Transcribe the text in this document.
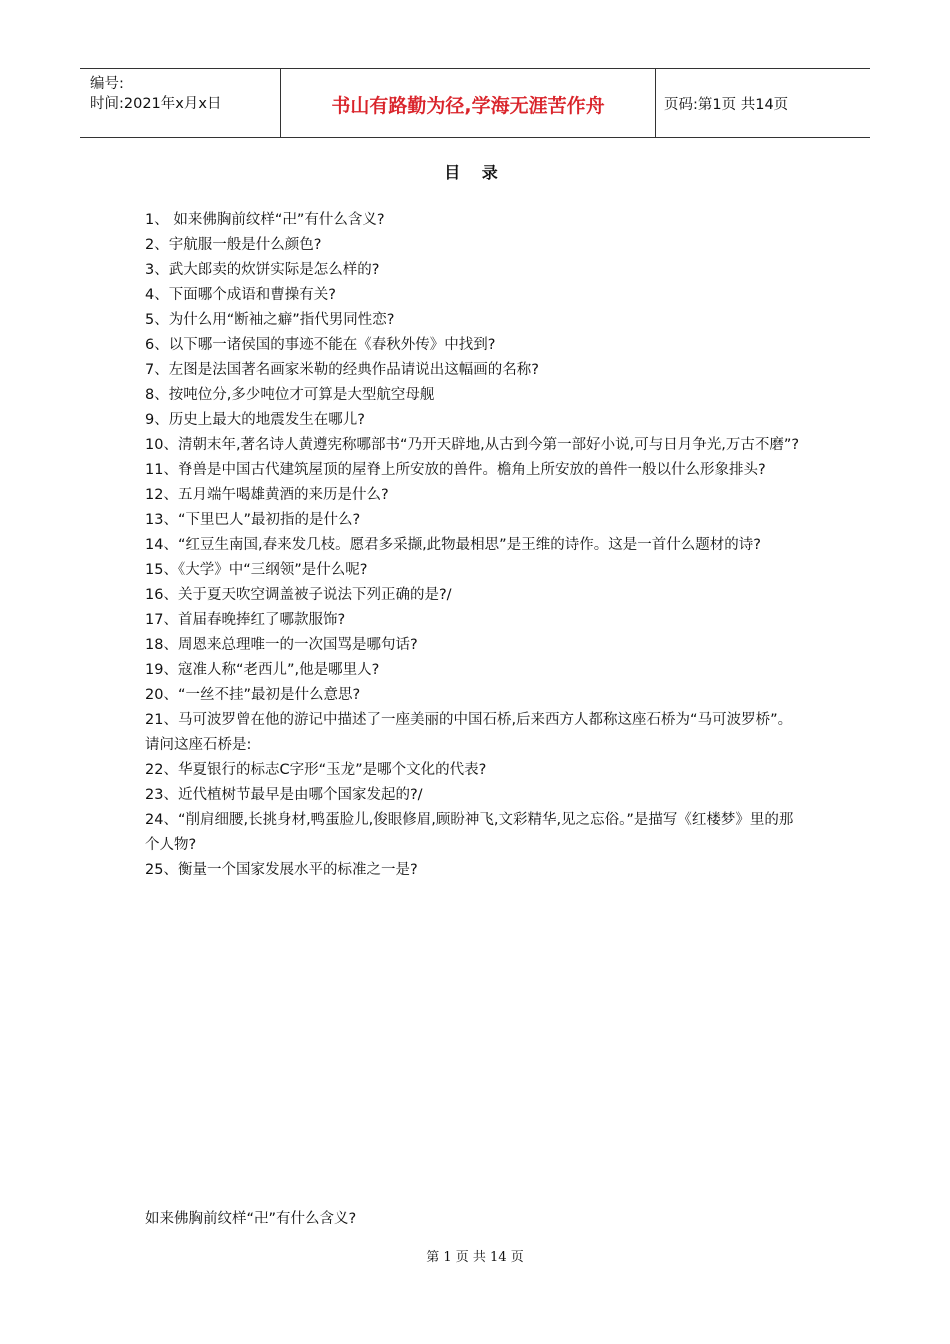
编号:
时间:2021年x月x日	书山有路勤为径,学海无涯苦作舟	页码:第1页 共14页
目 录
1、 如来佛胸前纹样“卍”有什么含义?
2、宇航服一般是什么颜色?
3、武大郎卖的炊饼实际是怎么样的?
4、下面哪个成语和曹操有关?
5、为什么用“断袖之癖”指代男同性恋?
6、以下哪一诸侯国的事迹不能在《春秋外传》中找到?
7、左图是法国著名画家米勒的经典作品请说出这幅画的名称?
8、按吨位分,多少吨位才可算是大型航空母舰
9、历史上最大的地震发生在哪儿?
10、清朝末年,著名诗人黄遵宪称哪部书“乃开天辟地,从古到今第一部好小说,可与日月争光,万古不磨”?
11、脊兽是中国古代建筑屋顶的屋脊上所安放的兽件。檐角上所安放的兽件一般以什么形象排头?
12、五月端午喝雄黄酒的来历是什么?
13、“下里巴人”最初指的是什么?
14、“红豆生南国,春来发几枝。愿君多采撷,此物最相思”是王维的诗作。这是一首什么题材的诗?
15、《大学》中“三纲领”是什么呢?
16、关于夏天吹空调盖被子说法下列正确的是?/
17、首届春晚捧红了哪款服饰?
18、周恩来总理唯一的一次国骂是哪句话?
19、寇准人称“老西儿”,他是哪里人?
20、“一丝不挂”最初是什么意思?
21、马可波罗曾在他的游记中描述了一座美丽的中国石桥,后来西方人都称这座石桥为“马可波罗桥”。请问这座石桥是:
22、华夏银行的标志C字形“玉龙”是哪个文化的代表?
23、近代植树节最早是由哪个国家发起的?/
24、“削肩细腰,长挑身材,鸭蛋脸儿,俊眼修眉,顾盼神飞,文彩精华,见之忘俗。”是描写《红楼梦》里的那个人物?
25、衡量一个国家发展水平的标准之一是?
如来佛胸前纹样“卍”有什么含义?
第 1 页 共 14 页
